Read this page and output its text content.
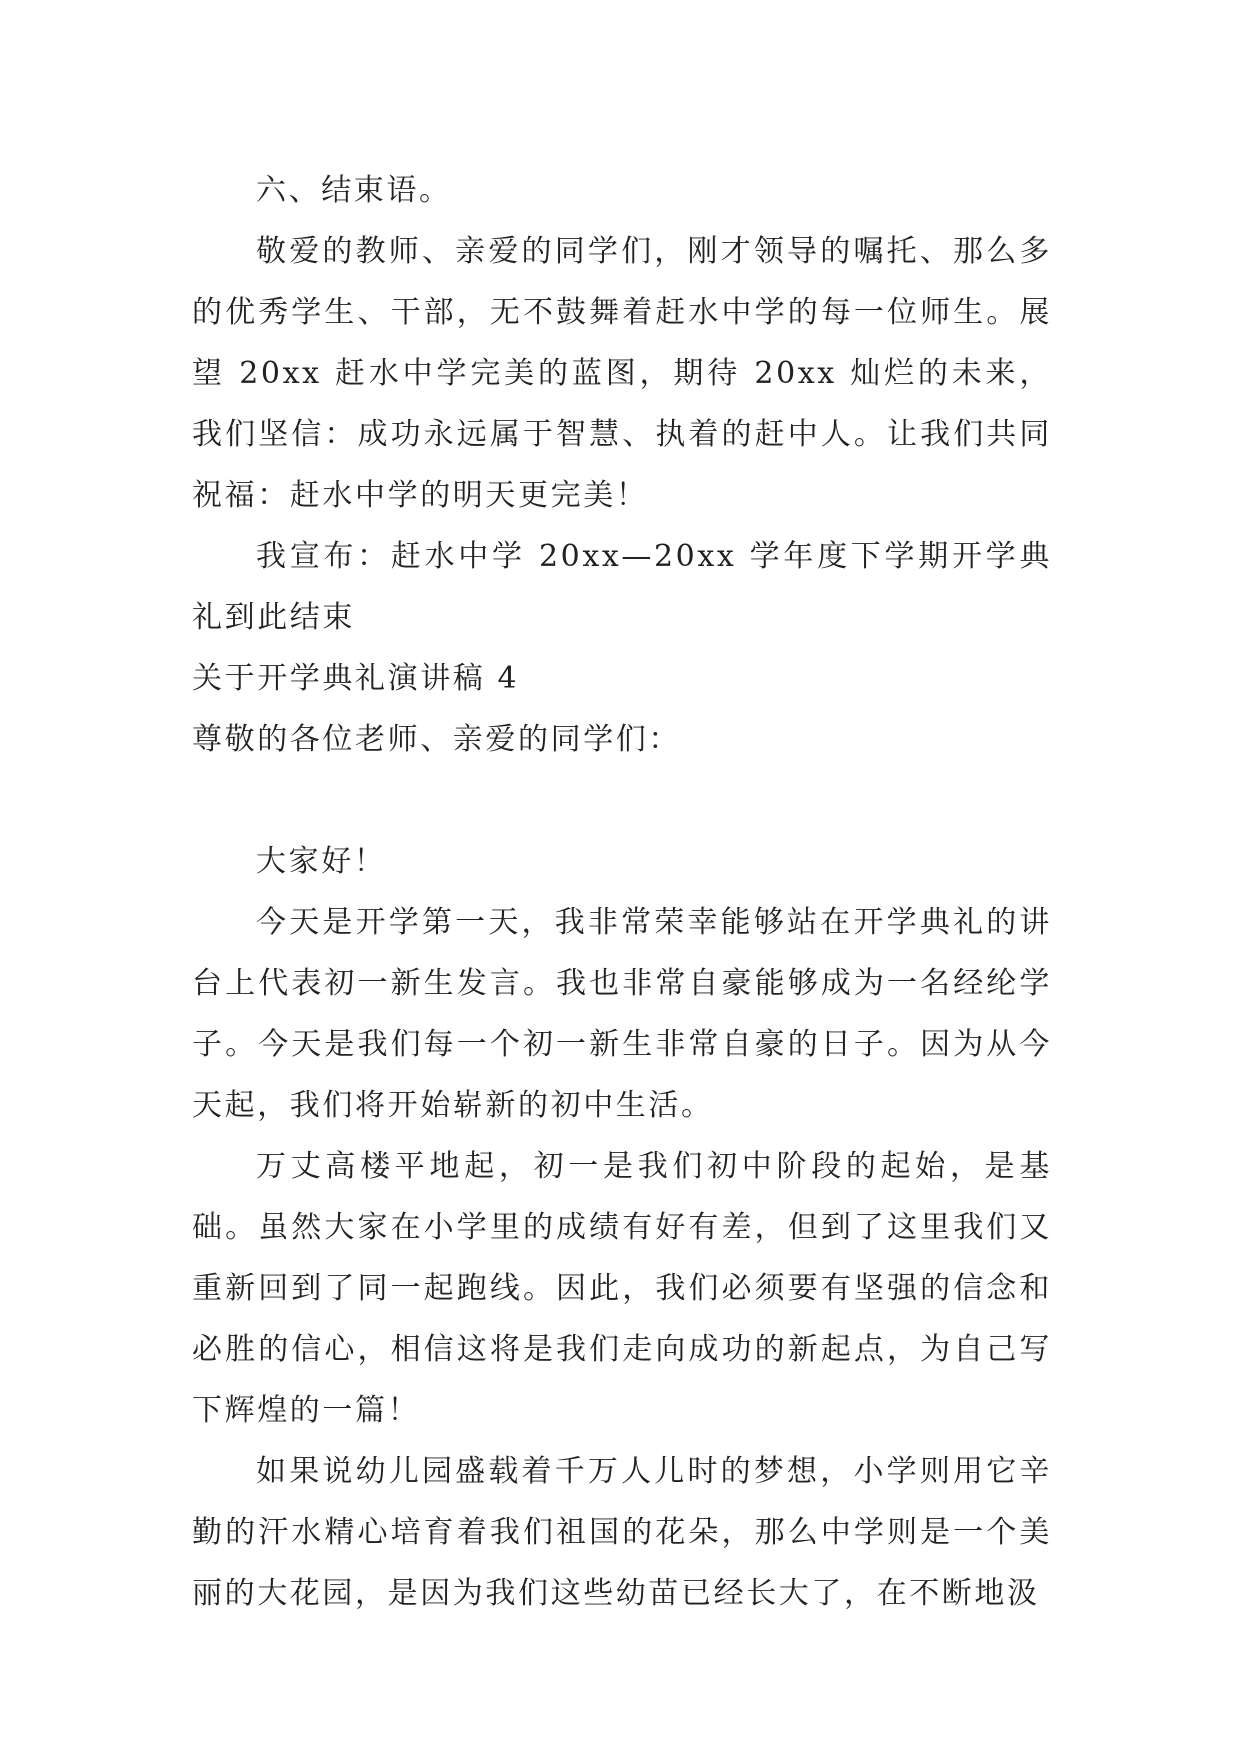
六、结束语。

敬爱的教师、亲爱的同学们，刚才领导的嘱托、那么多的优秀学生、干部，无不鼓舞着赶水中学的每一位师生。展望 20xx 赶水中学完美的蓝图，期待 20xx 灿烂的未来，我们坚信：成功永远属于智慧、执着的赶中人。让我们共同祝福：赶水中学的明天更完美！

我宣布：赶水中学 20xx—20xx 学年度下学期开学典礼到此结束

关于开学典礼演讲稿 4

尊敬的各位老师、亲爱的同学们：

大家好！

今天是开学第一天，我非常荣幸能够站在开学典礼的讲台上代表初一新生发言。我也非常自豪能够成为一名经纶学子。今天是我们每一个初一新生非常自豪的日子。因为从今天起，我们将开始崭新的初中生活。

万丈高楼平地起，初一是我们初中阶段的起始，是基础。虽然大家在小学里的成绩有好有差，但到了这里我们又重新回到了同一起跑线。因此，我们必须要有坚强的信念和必胜的信心，相信这将是我们走向成功的新起点，为自己写下辉煌的一篇！

如果说幼儿园盛载着千万人儿时的梦想，小学则用它辛勤的汗水精心培育着我们祖国的花朵，那么中学则是一个美丽的大花园，是因为我们这些幼苗已经长大了，在不断地汲
